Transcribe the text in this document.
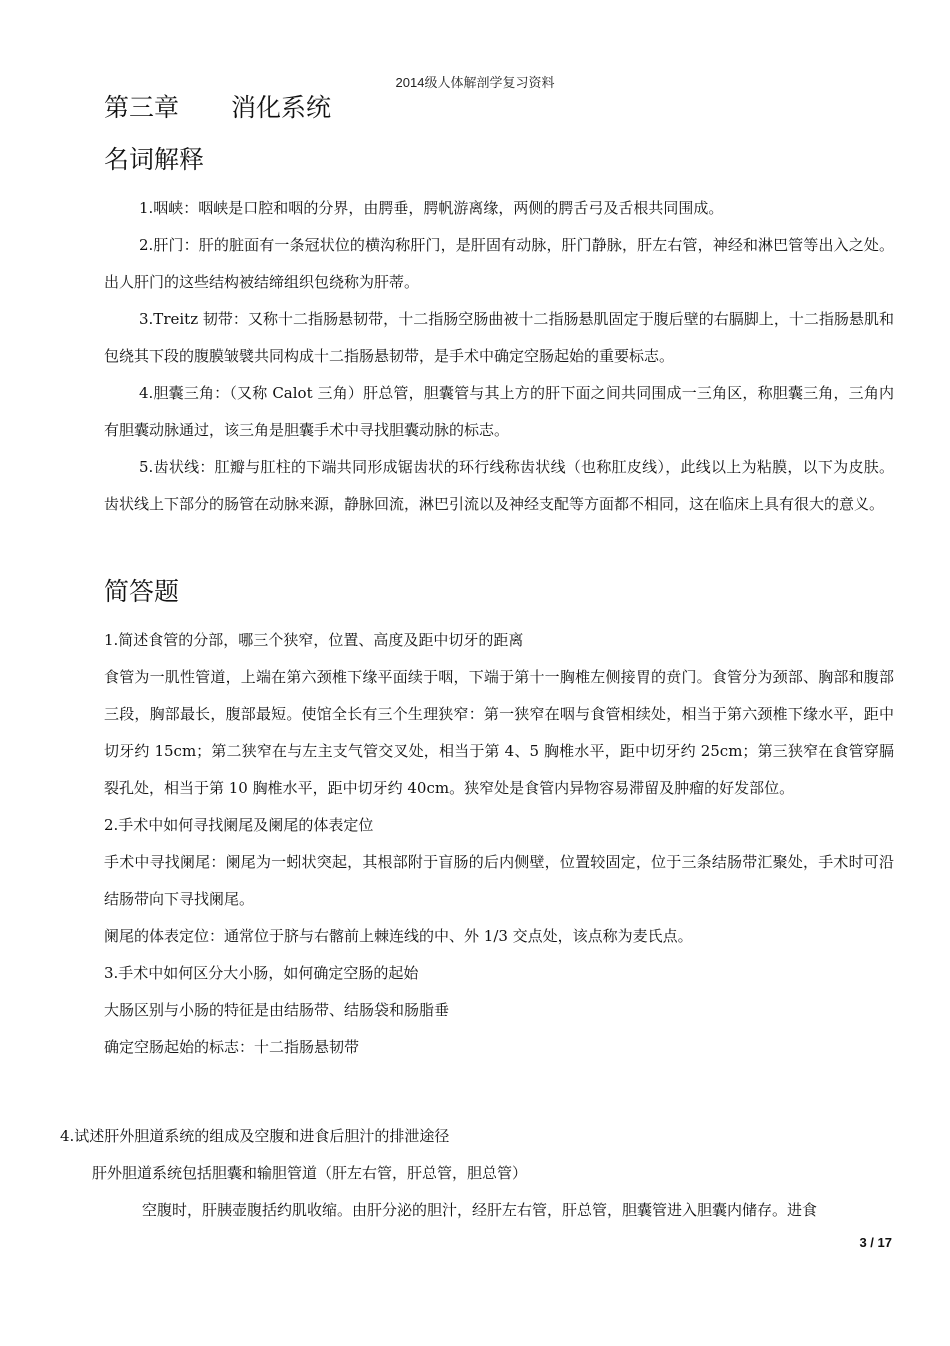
2014级人体解剖学复习资料
第三章 消化系统
名词解释

1.咽峡：咽峡是口腔和咽的分界，由腭垂，腭帆游离缘，两侧的腭舌弓及舌根共同围成。

2.肝门：肝的脏面有一条冠状位的横沟称肝门，是肝固有动脉，肝门静脉，肝左右管，神经和淋巴管等出入之处。出人肝门的这些结构被结缔组织包绕称为肝蒂。

3.Treitz 韧带：又称十二指肠悬韧带，十二指肠空肠曲被十二指肠悬肌固定于腹后壁的右膈脚上，十二指肠悬肌和包绕其下段的腹膜皱襞共同构成十二指肠悬韧带，是手术中确定空肠起始的重要标志。

4.胆囊三角：（又称 Calot 三角）肝总管，胆囊管与其上方的肝下面之间共同围成一三角区，称胆囊三角，三角内有胆囊动脉通过，该三角是胆囊手术中寻找胆囊动脉的标志。

5.齿状线：肛瓣与肛柱的下端共同形成锯齿状的环行线称齿状线（也称肛皮线），此线以上为粘膜，以下为皮肤。齿状线上下部分的肠管在动脉来源，静脉回流，淋巴引流以及神经支配等方面都不相同，这在临床上具有很大的意义。

简答题

1.简述食管的分部，哪三个狭窄，位置、高度及距中切牙的距离

食管为一肌性管道，上端在第六颈椎下缘平面续于咽，下端于第十一胸椎左侧接胃的贲门。食管分为颈部、胸部和腹部三段，胸部最长，腹部最短。使馆全长有三个生理狭窄：第一狭窄在咽与食管相续处，相当于第六颈椎下缘水平，距中切牙约 15cm；第二狭窄在与左主支气管交叉处，相当于第 4、5 胸椎水平，距中切牙约 25cm；第三狭窄在食管穿膈裂孔处，相当于第 10 胸椎水平，距中切牙约 40cm。狭窄处是食管内异物容易滞留及肿瘤的好发部位。

2.手术中如何寻找阑尾及阑尾的体表定位

手术中寻找阑尾：阑尾为一蚓状突起，其根部附于盲肠的后内侧壁，位置较固定，位于三条结肠带汇聚处，手术时可沿结肠带向下寻找阑尾。

阑尾的体表定位：通常位于脐与右髂前上棘连线的中、外 1/3 交点处，该点称为麦氏点。

3.手术中如何区分大小肠，如何确定空肠的起始

大肠区别与小肠的特征是由结肠带、结肠袋和肠脂垂

确定空肠起始的标志：十二指肠悬韧带

4.试述肝外胆道系统的组成及空腹和进食后胆汁的排泄途径

肝外胆道系统包括胆囊和输胆管道（肝左右管，肝总管，胆总管）

空腹时，肝胰壶腹括约肌收缩。由肝分泌的胆汁，经肝左右管，肝总管，胆囊管进入胆囊内储存。进食

3 / 17
